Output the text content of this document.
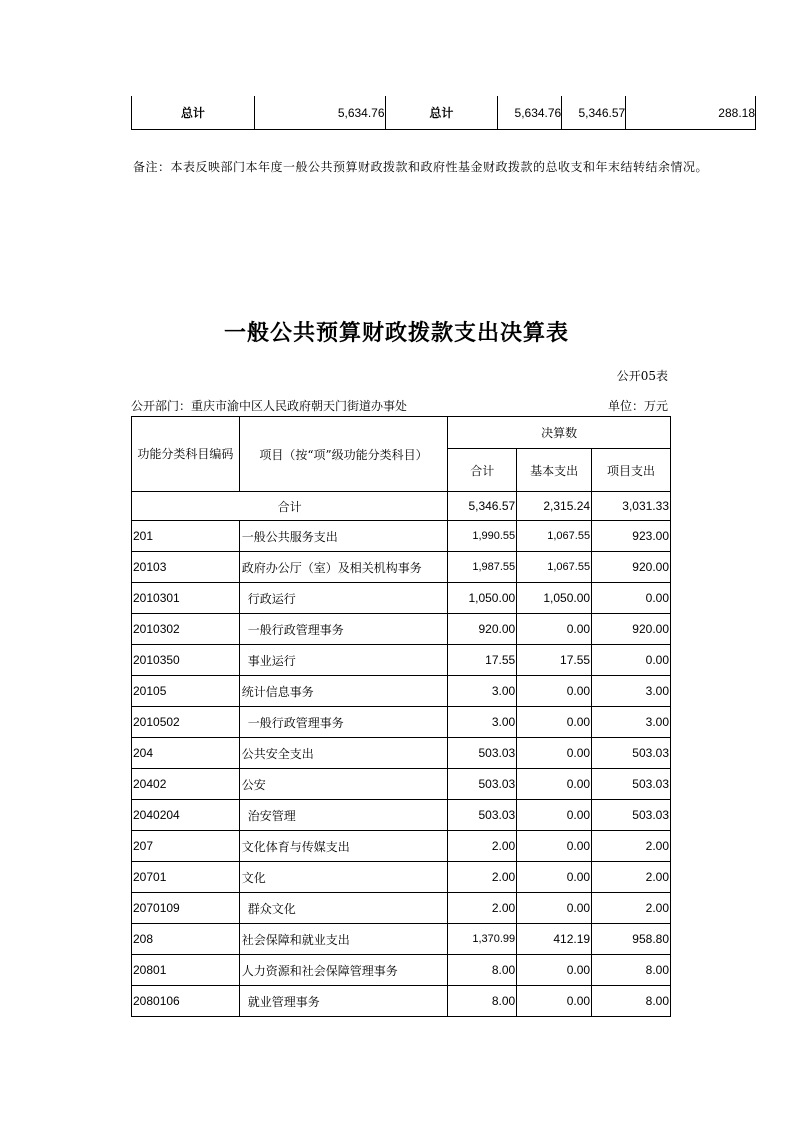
总计	5,634.76	总计	5,634.76	5,346.57	288.18
备注：本表反映部门本年度一般公共预算财政拨款和政府性基金财政拨款的总收支和年末结转结余情况。
一般公共预算财政拨款支出决算表
公开05表
公开部门：重庆市渝中区人民政府朝天门街道办事处	单位：万元
功能分类科目编码	项目（按“项”级功能分类科目）	决算数		
		合计	基本支出	项目支出
合计		5,346.57	2,315.24	3,031.33
201	一般公共服务支出	1,990.55	1,067.55	923.00
20103	政府办公厅（室）及相关机构事务	1,987.55	1,067.55	920.00
2010301	行政运行	1,050.00	1,050.00	0.00
2010302	一般行政管理事务	920.00	0.00	920.00
2010350	事业运行	17.55	17.55	0.00
20105	统计信息事务	3.00	0.00	3.00
2010502	一般行政管理事务	3.00	0.00	3.00
204	公共安全支出	503.03	0.00	503.03
20402	公安	503.03	0.00	503.03
2040204	治安管理	503.03	0.00	503.03
207	文化体育与传媒支出	2.00	0.00	2.00
20701	文化	2.00	0.00	2.00
2070109	群众文化	2.00	0.00	2.00
208	社会保障和就业支出	1,370.99	412.19	958.80
20801	人力资源和社会保障管理事务	8.00	0.00	8.00
2080106	就业管理事务	8.00	0.00	8.00
